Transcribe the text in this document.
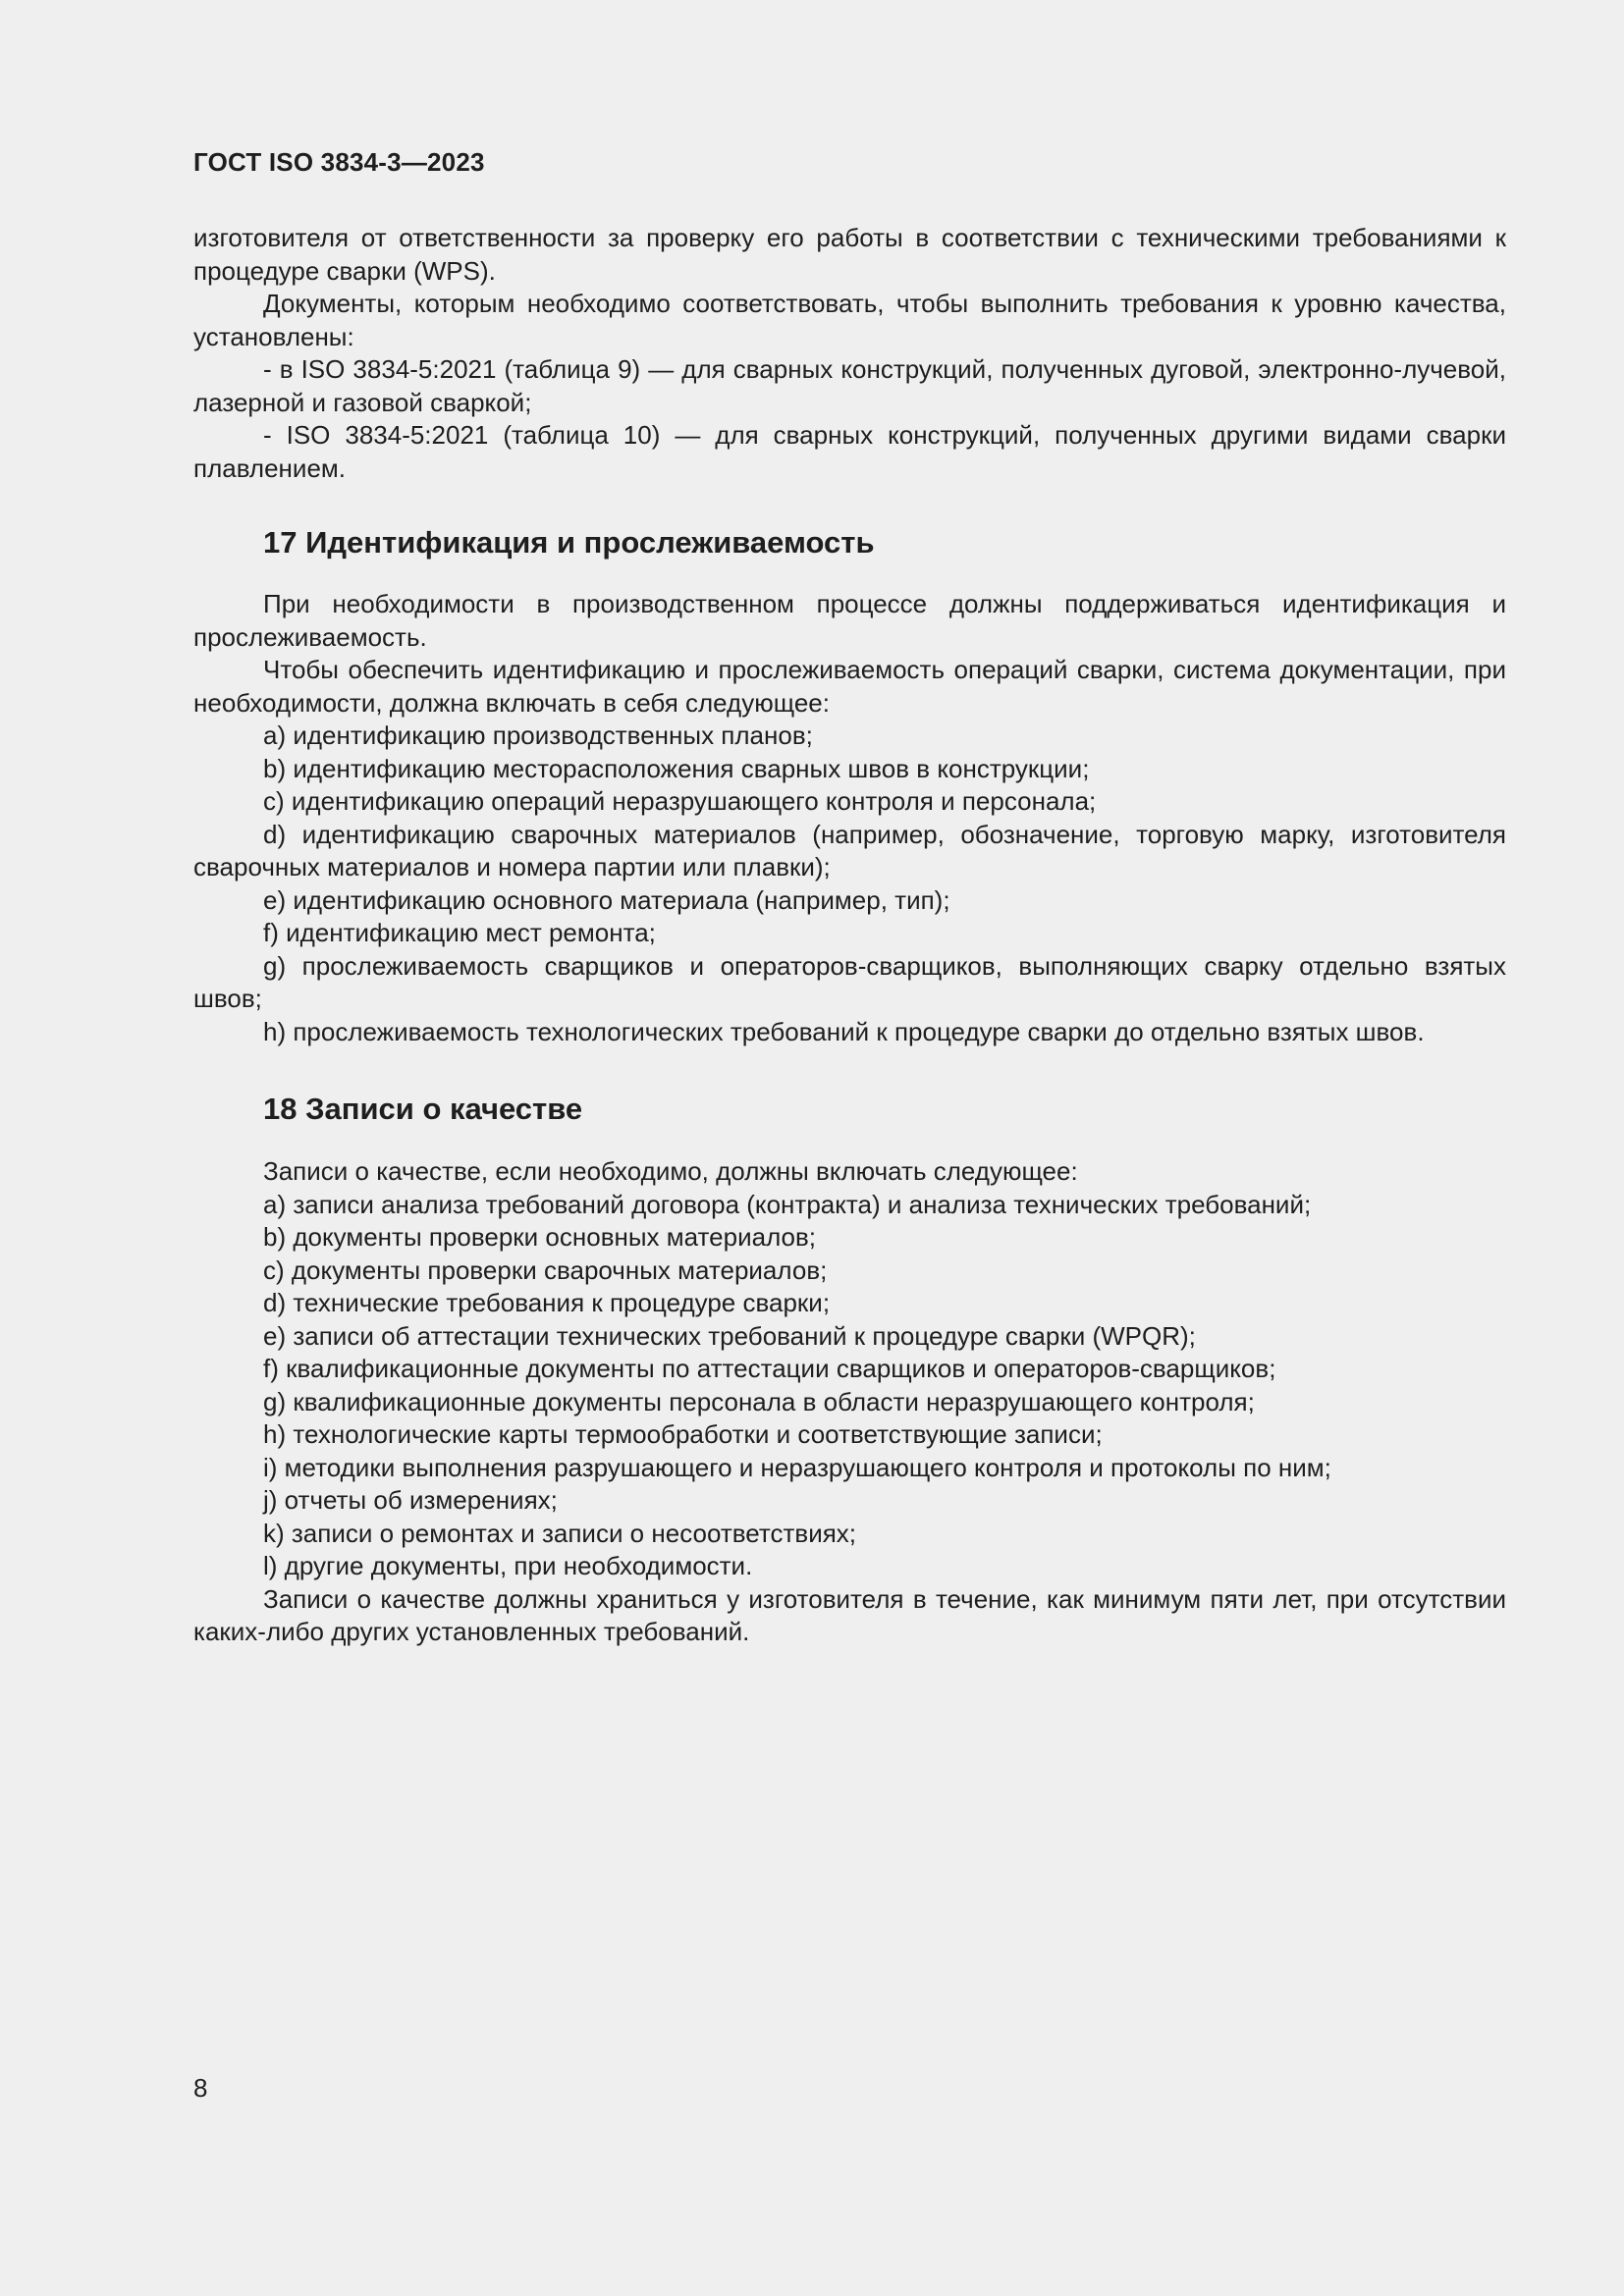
ГОСТ ISO 3834-3—2023

изготовителя от ответственности за проверку его работы в соответствии с техническими требованиями к процедуре сварки (WPS).

Документы, которым необходимо соответствовать, чтобы выполнить требования к уровню качества, установлены:

- в ISO 3834-5:2021 (таблица 9) — для сварных конструкций, полученных дуговой, электронно-лучевой, лазерной и газовой сваркой;

- ISO 3834-5:2021 (таблица 10) — для сварных конструкций, полученных другими видами сварки плавлением.

17 Идентификация и прослеживаемость

При необходимости в производственном процессе должны поддерживаться идентификация и прослеживаемость.

Чтобы обеспечить идентификацию и прослеживаемость операций сварки, система документации, при необходимости, должна включать в себя следующее:

а) идентификацию производственных планов;

b) идентификацию месторасположения сварных швов в конструкции;

с) идентификацию операций неразрушающего контроля и персонала;

d) идентификацию сварочных материалов (например, обозначение, торговую марку, изготовителя сварочных материалов и номера партии или плавки);

е) идентификацию основного материала (например, тип);

f) идентификацию мест ремонта;

g) прослеживаемость сварщиков и операторов-сварщиков, выполняющих сварку отдельно взятых швов;

h) прослеживаемость технологических требований к процедуре сварки до отдельно взятых швов.

18 Записи о качестве

Записи о качестве, если необходимо, должны включать следующее:

а) записи анализа требований договора (контракта) и анализа технических требований;

b) документы проверки основных материалов;

с) документы проверки сварочных материалов;

d) технические требования к процедуре сварки;

е) записи об аттестации технических требований к процедуре сварки (WPQR);

f) квалификационные документы по аттестации сварщиков и операторов-сварщиков;

g) квалификационные документы персонала в области неразрушающего контроля;

h) технологические карты термообработки и соответствующие записи;

i) методики выполнения разрушающего и неразрушающего контроля и протоколы по ним;

j) отчеты об измерениях;

k) записи о ремонтах и записи о несоответствиях;

l) другие документы, при необходимости.

Записи о качестве должны храниться у изготовителя в течение, как минимум пяти лет, при отсутствии каких-либо других установленных требований.

8
